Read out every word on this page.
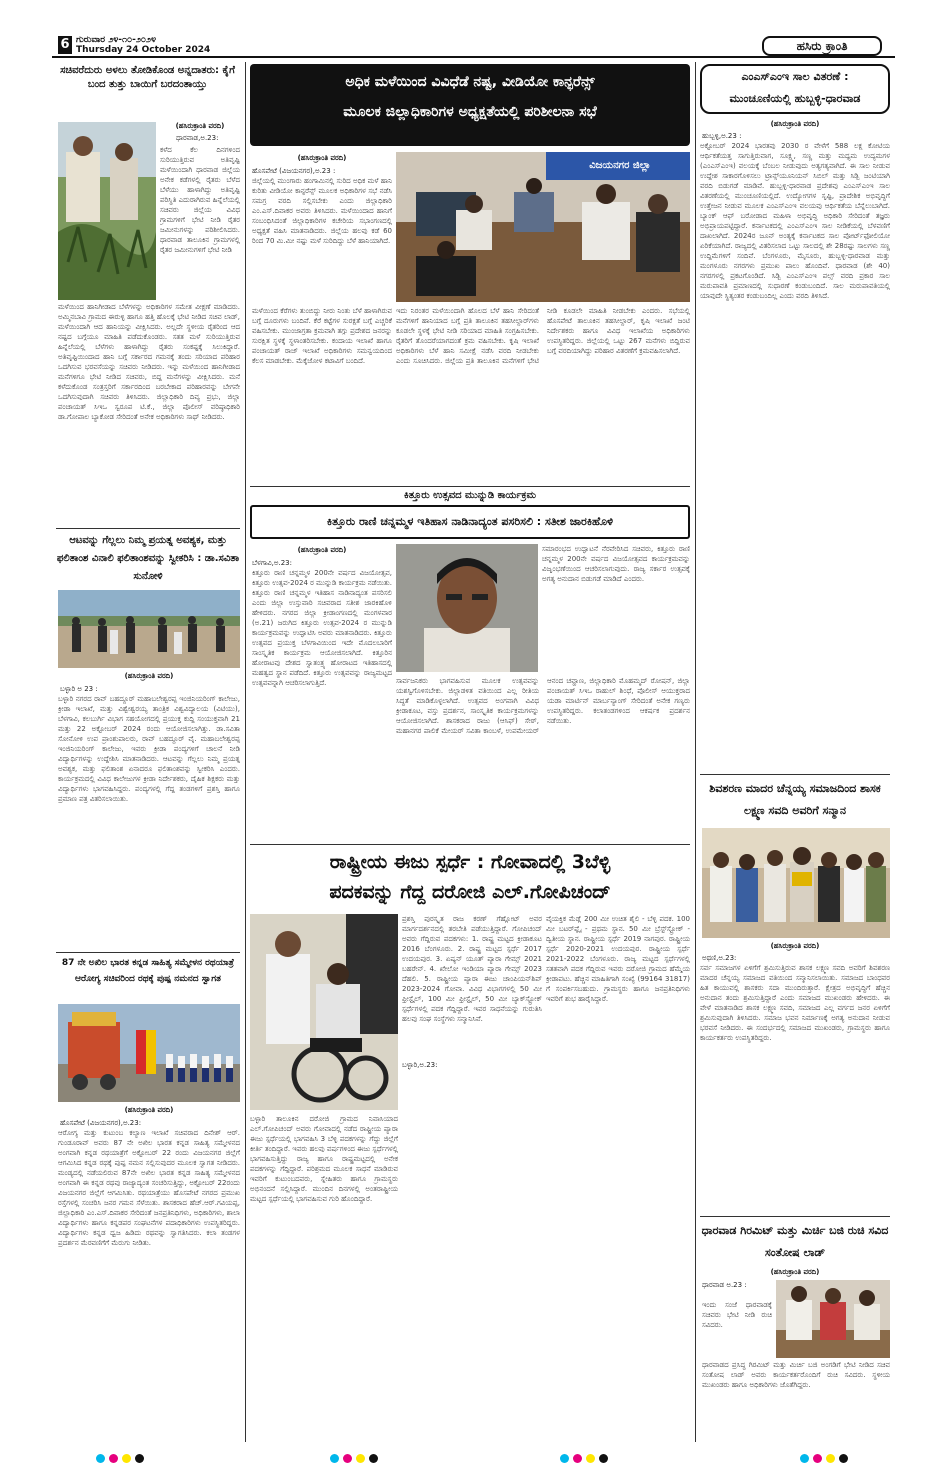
6 ಗುರುವಾರ ೨೪-೧೦-೨೦೨೪
Thursday 24 October 2024	ಹಸಿರು ಕ್ರಾಂತಿ
ಸಚಿವರೆದುರು ಅಳಲು ತೋಡಿಕೊಂಡ ಅನ್ನದಾತರು: ಕೈಗೆ ಬಂದ ತುತ್ತು ಬಾಯಿಗೆ ಬರದಂತಾಯ್ತು
(ಹಸಿರುಕ್ರಾಂತಿ ವರದಿ)
ಧಾರವಾಡ,ಅ.23:
ಕಳೆದ ಕೆಲ ದಿನಗಳಿಂದ ಸುರಿಯುತ್ತಿರುವ ಅತಿವೃಷ್ಟಿ ಮಳೆಯಿಂದಾಗಿ ಧಾರವಾಡ ಜಿಲ್ಲೆಯ ಅನೇಕ ಕಡೆಗಳಲ್ಲಿ ರೈತರು ಬೆಳೆದ ಬೆಳೆಯು ಹಾಳಾಗಿದ್ದು ಅತಿವೃಷ್ಟಿ ಪರಿಸ್ಥಿತಿ ಎದುರಾಗಿರುವ ಹಿನ್ನೆಲೆಯಲ್ಲಿ ಸಚಿವರು ಜಿಲ್ಲೆಯ ವಿವಿಧ ಗ್ರಾಮಗಳಿಗೆ ಭೇಟಿ ನೀಡಿ ರೈತರ ಜಮೀನುಗಳನ್ನು ಪರಿಶೀಲಿಸಿದರು. ಧಾರವಾಡ ತಾಲೂಕಿನ ಗ್ರಾಮಗಳಲ್ಲಿ ರೈತರ ಜಮೀನುಗಳಿಗೆ ಭೇಟಿ ನೀಡಿ
ಮಳೆಯಿಂದ ಹಾನಿಗೀಡಾದ ಬೆಳೆಗಳನ್ನು ಅಧಿಕಾರಿಗಳ ಸಮೇತ ವೀಕ್ಷಣೆ ಮಾಡಿದರು. ಅಮ್ಮಿನಬಾವಿ ಗ್ರಾಮದ ಈರುಳ್ಳಿ ಹಾಗೂ ಹತ್ತಿ ಹೊಲಕ್ಕೆ ಭೇಟಿ ನೀಡಿದ ಸಚಿವ ಲಾಡ್, ಮಳೆಯಿಂದಾಗಿ ಆದ ಹಾನಿಯನ್ನು ವೀಕ್ಷಿಸಿದರು. ಅಲ್ಲದೇ ಸ್ಥಳೀಯ ರೈತರಿಂದ ಆದ ನಷ್ಟದ ಬಗ್ಗೆಯೂ ಮಾಹಿತಿ ಪಡೆದುಕೊಂಡರು. ಸತತ ಮಳೆ ಸುರಿಯುತ್ತಿರುವ ಹಿನ್ನೆಲೆಯಲ್ಲಿ ಬೆಳೆಗಳು ಹಾಳಾಗಿದ್ದು ರೈತರು ಸಂಕಷ್ಟಕ್ಕೆ ಸಿಲುಕಿದ್ದಾರೆ. ಅತಿವೃಷ್ಟಿಯಿಂದಾದ ಹಾನಿ ಬಗ್ಗೆ ಸರ್ಕಾರದ ಗಮನಕ್ಕೆ ತಂದು ಸರಿಯಾದ ಪರಿಹಾರ ಒದಗಿಸುವ ಭರವಸೆಯನ್ನು ಸಚಿವರು ನೀಡಿದರು. ಇನ್ನು ಮಳೆಯಿಂದ ಹಾನಿಗೀಡಾದ ಮನೆಗಳಿಗೂ ಭೇಟಿ ನೀಡಿದ ಸಚಿವರು, ಬಿದ್ದ ಮನೆಗಳನ್ನು ವೀಕ್ಷಿಸಿದರು. ಮನೆ ಕಳೆದುಕೊಂಡ ಸಂತ್ರಸ್ತರಿಗೆ ಸರ್ಕಾರದಿಂದ ಬರಬೇಕಾದ ಪರಿಹಾರವನ್ನು ಬೇಗನೇ ಒದಗಿಸುವುದಾಗಿ ಸಚಿವರು ತಿಳಿಸಿದರು. ಜಿಲ್ಲಾಧಿಕಾರಿ ದಿವ್ಯ ಪ್ರಭು, ಜಿಲ್ಲಾ ಪಂಚಾಯತ್ ಸಿಇಒ ಸ್ವರೂಪ ಟಿ.ಕೆ., ಜಿಲ್ಲಾ ಪೊಲೀಸ್ ವರಿಷ್ಠಾಧಿಕಾರಿ ಡಾ.ಗೋಪಾಲ ಬ್ಯಾಕೋಡ ಸೇರಿದಂತೆ ಅನೇಕ ಅಧಿಕಾರಿಗಳು ಸಾಥ್ ನೀಡಿದರು.
ಆಟವನ್ನು ಗೆಲ್ಲಲು ನಿಮ್ಮ ಪ್ರಯತ್ನ ಅವಶ್ಯಕ, ಮತ್ತು ಫಲಿತಾಂಶ ವಿನಾಲಿ ಫಲಿತಾಂಶವನ್ನು ಸ್ವೀಕರಿಸಿ : ಡಾ.ಸವಿತಾ ಸುನೋಳಿ
(ಹಸಿರುಕ್ರಾಂತಿ ವರದಿ)
ಬಳ್ಳಾರಿ ಅ 23 :
ಬಳ್ಳಾರಿ ನಗರದ ರಾವ್ ಬಹದ್ದೂರ್ ಮಹಾಬಲೇಶ್ವರಪ್ಪ ಇಂಜಿನಿಯರಿಂಗ್ ಕಾಲೇಜು, ಕ್ರೀಡಾ ಇಲಾಖೆ, ಮತ್ತು ವಿಶ್ವೇಶ್ವರಯ್ಯ ತಾಂತ್ರಿಕ ವಿಶ್ವವಿದ್ಯಾಲಯ (ವಿಟಿಯು), ಬೆಳಗಾವಿ, ಕಲಬುರ್ಗಿ ವಿಭಾಗ ಸಹಯೋಗದಲ್ಲಿ ಪ್ರಯುಕ್ತ ಕುದ್ದಿ ಸಂಯುಕ್ತವಾಗಿ 21 ಮತ್ತು 22 ಅಕ್ಟೋಬರ್ 2024 ರಂದು ಆಯೋಜಿಸಲಾಗಿತ್ತು. ಡಾ.ಸವಿತಾ ಸೋನೋಳಿ ಉಪ ಪ್ರಾಂಶುಪಾಲರು, ರಾವ್ ಬಹದ್ದೂರ್ ವೈ. ಮಹಾಬಲೇಶ್ವರಪ್ಪ ಇಂಜಿನಿಯರಿಂಗ್ ಕಾಲೇಜು, ಇವರು ಕ್ರೀಡಾ ಪಂದ್ಯಗಳಿಗೆ ಚಾಲನೆ ನೀಡಿ ವಿದ್ಯಾರ್ಥಿಗಳನ್ನು ಉದ್ದೇಶಿಸಿ ಮಾತನಾಡಿದರು. ಆಟವನ್ನು ಗೆಲ್ಲಲು ನಿಮ್ಮ ಪ್ರಯತ್ನ ಅವಶ್ಯಕ, ಮತ್ತು ಫಲಿತಾಂಶ ಏನಾದರೂ ಫಲಿತಾಂಶವನ್ನು ಸ್ವೀಕರಿಸಿ ಎಂದರು. ಕಾರ್ಯಕ್ರಮದಲ್ಲಿ ವಿವಿಧ ಕಾಲೇಜುಗಳ ಕ್ರೀಡಾ ನಿರ್ದೇಶಕರು, ದೈಹಿಕ ಶಿಕ್ಷಕರು ಮತ್ತು ವಿದ್ಯಾರ್ಥಿಗಳು ಭಾಗವಹಿಸಿದ್ದರು. ಪಂದ್ಯಗಳಲ್ಲಿ ಗೆದ್ದ ತಂಡಗಳಿಗೆ ಪ್ರಶಸ್ತಿ ಹಾಗೂ ಪ್ರಮಾಣ ಪತ್ರ ವಿತರಿಸಲಾಯಿತು.
87 ನೇ ಅಖಿಲ ಭಾರತ ಕನ್ನಡ ಸಾಹಿತ್ಯ ಸಮ್ಮೇಳನ ರಥಯಾತ್ರೆ ಆರೋಗ್ಯ ಸಚಿವರಿಂದ ರಥಕ್ಕೆ ಪುಷ್ಪ ನಮನದ ಸ್ವಾಗತ
(ಹಸಿರುಕ್ರಾಂತಿ ವರದಿ)
ಹೊಸಪೇಟೆ (ವಿಜಯನಗರ),ಅ.23:
ಆರೋಗ್ಯ ಮತ್ತು ಕುಟುಂಬ ಕಲ್ಯಾಣ ಇಲಾಖೆ ಸಚಿವರಾದ ದಿನೇಶ್ ಆರ್. ಗುಂಡೂರಾವ್ ಅವರು 87 ನೇ ಅಖಿಲ ಭಾರತ ಕನ್ನಡ ಸಾಹಿತ್ಯ ಸಮ್ಮೇಳನದ ಅಂಗವಾಗಿ ಕನ್ನಡ ರಥಯಾತ್ರೆಗೆ ಅಕ್ಟೋಬರ್ 22 ರಂದು ವಿಜಯನಗರ ಜಿಲ್ಲೆಗೆ ಆಗಮಿಸಿದ ಕನ್ನಡ ರಥಕ್ಕೆ ಪುಷ್ಪ ನಮನ ಸಲ್ಲಿಸುವುದರ ಮೂಲಕ ಸ್ವಾಗತ ನೀಡಿದರು. ಮಂಡ್ಯದಲ್ಲಿ ನಡೆಯಲಿರುವ 87ನೇ ಅಖಿಲ ಭಾರತ ಕನ್ನಡ ಸಾಹಿತ್ಯ ಸಮ್ಮೇಳನದ ಅಂಗವಾಗಿ ಈ ಕನ್ನಡ ರಥವು ರಾಜ್ಯಾದ್ಯಂತ ಸಂಚರಿಸುತ್ತಿದ್ದು, ಅಕ್ಟೋಬರ್ 22ರಂದು ವಿಜಯನಗರ ಜಿಲ್ಲೆಗೆ ಆಗಮಿಸಿತು. ರಥಯಾತ್ರೆಯು ಹೊಸಪೇಟೆ ನಗರದ ಪ್ರಮುಖ ರಸ್ತೆಗಳಲ್ಲಿ ಸಂಚರಿಸಿ ಜನರ ಗಮನ ಸೆಳೆಯಿತು. ಶಾಸಕರಾದ ಹೆಚ್.ಆರ್.ಗವಿಯಪ್ಪ, ಜಿಲ್ಲಾಧಿಕಾರಿ ಎಂ.ಎಸ್.ದಿವಾಕರ ಸೇರಿದಂತೆ ಜನಪ್ರತಿನಿಧಿಗಳು, ಅಧಿಕಾರಿಗಳು, ಶಾಲಾ ವಿದ್ಯಾರ್ಥಿಗಳು ಹಾಗೂ ಕನ್ನಡಪರ ಸಂಘಟನೆಗಳ ಪದಾಧಿಕಾರಿಗಳು ಉಪಸ್ಥಿತರಿದ್ದರು. ವಿದ್ಯಾರ್ಥಿಗಳು ಕನ್ನಡ ಧ್ವಜ ಹಿಡಿದು ರಥವನ್ನು ಸ್ವಾಗತಿಸಿದರು. ಕಲಾ ತಂಡಗಳ ಪ್ರದರ್ಶನ ಮೆರವಣಿಗೆಗೆ ಮೆರುಗು ನೀಡಿತು.
ಅಧಿಕ ಮಳೆಯಿಂದ ವಿವಿಧೆಡೆ ನಷ್ಟ, ವೀಡಿಯೋ ಕಾನ್ಫರೆನ್ಸ್
ಮೂಲಕ ಜಿಲ್ಲಾಧಿಕಾರಿಗಳ ಅಧ್ಯಕ್ಷತೆಯಲ್ಲಿ ಪರಿಶೀಲನಾ ಸಭೆ
(ಹಸಿರುಕ್ರಾಂತಿ ವರದಿ)
ಹೊಸಪೇಟೆ (ವಿಜಯನಗರ),ಅ.23 :
ಜಿಲ್ಲೆಯಲ್ಲಿ ಮುಂಗಾರು ಹಂಗಾಮಿನಲ್ಲಿ ಸುರಿದ ಅಧಿಕ ಮಳೆ ಹಾನಿ ಕುರಿತು ವೀಡಿಯೋ ಕಾನ್ಫರೆನ್ಸ್ ಮೂಲಕ ಅಧಿಕಾರಿಗಳ ಸಭೆ ನಡೆಸಿ ಸಮಗ್ರ ವರದಿ ಸಲ್ಲಿಸಬೇಕು ಎಂದು ಜಿಲ್ಲಾಧಿಕಾರಿ ಎಂ.ಎಸ್.ದಿವಾಕರ ಅವರು ತಿಳಿಸಿದರು. ಮಳೆಯಿಂದಾದ ಹಾನಿಗೆ ಸಂಬಂಧಿಸಿದಂತೆ ಜಿಲ್ಲಾಧಿಕಾರಿಗಳ ಕಚೇರಿಯ ಸಭಾಂಗಣದಲ್ಲಿ ಅಧ್ಯಕ್ಷತೆ ವಹಿಸಿ ಮಾತನಾಡಿದರು. ಜಿಲ್ಲೆಯ ಹಲವು ಕಡೆ 60 ರಿಂದ 70 ಮಿ.ಮೀ ನಷ್ಟು ಮಳೆ ಸುರಿದಿದ್ದು ಬೆಳೆ ಹಾನಿಯಾಗಿದೆ.
ವಿಜಯನಗರ ಜಿಲ್ಲಾ
ಇದು ನಿರಂತರ ಮಳೆಯಿಂದಾಗಿ ಹೊಲದ ಬೆಳೆ ಹಾನಿ ಸೇರಿದಂತೆ ಮನೆಗಳಿಗೆ ಹಾನಿಯಾದ ಬಗ್ಗೆ ಪ್ರತಿ ತಾಲೂಕಿನ ತಹಸೀಲ್ದಾರ್‌ಗಳು ಕೂಡಲೇ ಸ್ಥಳಕ್ಕೆ ಭೇಟಿ ನೀಡಿ ಸರಿಯಾದ ಮಾಹಿತಿ ಸಂಗ್ರಹಿಸಬೇಕು. ರೈತರಿಗೆ ತೊಂದರೆಯಾಗದಂತೆ ಕ್ರಮ ವಹಿಸಬೇಕು. ಕೃಷಿ ಇಲಾಖೆ ಅಧಿಕಾರಿಗಳು ಬೆಳೆ ಹಾನಿ ಸಮೀಕ್ಷೆ ನಡೆಸಿ ವರದಿ ನೀಡಬೇಕು ಎಂದು ಸೂಚಿಸಿದರು. ಜಿಲ್ಲೆಯ ಪ್ರತಿ ತಾಲೂಕಿನ ಮನೆಗಳಿಗೆ ಭೇಟಿ ನೀಡಿ ಕೂಡಲೇ ಮಾಹಿತಿ ನೀಡಬೇಕು ಎಂದರು. ಸಭೆಯಲ್ಲಿ ಹೊಸಪೇಟೆ ತಾಲೂಕಿನ ತಹಸೀಲ್ದಾರ್, ಕೃಷಿ ಇಲಾಖೆ ಜಂಟಿ ನಿರ್ದೇಶಕರು ಹಾಗೂ ವಿವಿಧ ಇಲಾಖೆಯ ಅಧಿಕಾರಿಗಳು ಉಪಸ್ಥಿತರಿದ್ದರು. ಜಿಲ್ಲೆಯಲ್ಲಿ ಒಟ್ಟು 267 ಮನೆಗಳು ಬಿದ್ದಿರುವ ಬಗ್ಗೆ ವರದಿಯಾಗಿದ್ದು ಪರಿಹಾರ ವಿತರಣೆಗೆ ಕ್ರಮವಹಿಸಲಾಗಿದೆ.
ಮಳೆಯಿಂದ ಕೆರೆಗಳು ತುಂಬಿದ್ದು ನೀರು ನಿಂತು ಬೆಳೆ ಹಾಳಾಗಿರುವ ಬಗ್ಗೆ ದೂರುಗಳು ಬಂದಿವೆ. ಕೆರೆ ಕಟ್ಟೆಗಳ ಸುರಕ್ಷತೆ ಬಗ್ಗೆ ಎಚ್ಚರಿಕೆ ವಹಿಸಬೇಕು. ಮುಂಜಾಗ್ರತಾ ಕ್ರಮವಾಗಿ ತಗ್ಗು ಪ್ರದೇಶದ ಜನರನ್ನು ಸುರಕ್ಷಿತ ಸ್ಥಳಕ್ಕೆ ಸ್ಥಳಾಂತರಿಸಬೇಕು. ಕಂದಾಯ ಇಲಾಖೆ ಹಾಗೂ ಪಂಚಾಯತ್ ರಾಜ್ ಇಲಾಖೆ ಅಧಿಕಾರಿಗಳು ಸಮನ್ವಯದಿಂದ ಕೆಲಸ ಮಾಡಬೇಕು. ಮೆಕ್ಕೆಜೋಳ ಕಟಾವಿಗೆ ಬಂದಿದೆ.
ಕಿತ್ತೂರು ಉತ್ಸವದ ಮುನ್ನುಡಿ ಕಾರ್ಯಕ್ರಮ
ಕಿತ್ತೂರು ರಾಣಿ ಚನ್ನಮ್ಮಳ ಇತಿಹಾಸ ನಾಡಿನಾದ್ಯಂತ ಪಸರಿಸಲಿ : ಸತೀಶ ಜಾರಕಿಹೊಳಿ
(ಹಸಿರುಕ್ರಾಂತಿ ವರದಿ)
ಬೆಳಗಾವಿ,ಅ.23:
ಕಿತ್ತೂರು ರಾಣಿ ಚನ್ನಮ್ಮಳ 200ನೇ ವರ್ಷದ ವಿಜಯೋತ್ಸವ, ಕಿತ್ತೂರು ಉತ್ಸವ-2024 ರ ಮುನ್ನುಡಿ ಕಾರ್ಯಕ್ರಮ ನಡೆಯಿತು. ಕಿತ್ತೂರು ರಾಣಿ ಚನ್ನಮ್ಮಳ ಇತಿಹಾಸ ನಾಡಿನಾದ್ಯಂತ ಪಸರಿಸಲಿ ಎಂದು ಜಿಲ್ಲಾ ಉಸ್ತುವಾರಿ ಸಚಿವರಾದ ಸತೀಶ ಜಾರಕಿಹೊಳಿ ಹೇಳಿದರು. ನಗರದ ಜಿಲ್ಲಾ ಕ್ರೀಡಾಂಗಣದಲ್ಲಿ ಮಂಗಳವಾರ (ಅ.21) ಜರುಗಿದ ಕಿತ್ತೂರು ಉತ್ಸವ-2024 ರ ಮುನ್ನುಡಿ ಕಾರ್ಯಕ್ರಮವನ್ನು ಉದ್ಘಾಟಿಸಿ ಅವರು ಮಾತನಾಡಿದರು. ಕಿತ್ತೂರು ಉತ್ಸವದ ಪ್ರಯುಕ್ತ ಬೆಳಗಾವಿಯಿಂದ ಇದೇ ಮೊದಲಬಾರಿಗೆ ಸಾಂಸ್ಕೃತಿಕ ಕಾರ್ಯಕ್ರಮ ಆಯೋಜಿಸಲಾಗಿದೆ. ಕಿತ್ತೂರಿನ ಹೋರಾಟವು ದೇಶದ ಸ್ವಾತಂತ್ರ್ಯ ಹೋರಾಟದ ಇತಿಹಾಸದಲ್ಲಿ ಮಹತ್ವದ ಸ್ಥಾನ ಪಡೆದಿದೆ. ಕಿತ್ತೂರು ಉತ್ಸವವನ್ನು ರಾಜ್ಯಮಟ್ಟದ ಉತ್ಸವವನ್ನಾಗಿ ಆಚರಿಸಲಾಗುತ್ತಿದೆ.
ಸಮಾರಂಭದ ಉದ್ಘಾಟನೆ ನೆರವೇರಿಸಿದ ಸಚಿವರು, ಕಿತ್ತೂರು ರಾಣಿ ಚನ್ನಮ್ಮಳ 200ನೇ ವರ್ಷದ ವಿಜಯೋತ್ಸವದ ಕಾರ್ಯಕ್ರಮವನ್ನು ವಿಜೃಂಭಣೆಯಿಂದ ಆಚರಿಸಲಾಗುವುದು. ರಾಜ್ಯ ಸರ್ಕಾರ ಉತ್ಸವಕ್ಕೆ ಅಗತ್ಯ ಅನುದಾನ ಬಿಡುಗಡೆ ಮಾಡಿದೆ ಎಂದರು.
ಸಾರ್ವಜನಿಕರು ಭಾಗವಹಿಸುವ ಮೂಲಕ ಉತ್ಸವವನ್ನು ಯಶಸ್ವಿಗೊಳಿಸಬೇಕು. ಜಿಲ್ಲಾಡಳಿತ ವತಿಯಿಂದ ಎಲ್ಲ ರೀತಿಯ ಸಿದ್ಧತೆ ಮಾಡಿಕೊಳ್ಳಲಾಗಿದೆ. ಉತ್ಸವದ ಅಂಗವಾಗಿ ವಿವಿಧ ಕ್ರೀಡಾಕೂಟ, ವಸ್ತು ಪ್ರದರ್ಶನ, ಸಾಂಸ್ಕೃತಿಕ ಕಾರ್ಯಕ್ರಮಗಳನ್ನು ಆಯೋಜಿಸಲಾಗಿದೆ. ಶಾಸಕರಾದ ರಾಜು (ಆಸಿಫ್) ಸೇಠ್, ಮಹಾನಗರ ಪಾಲಿಕೆ ಮೇಯರ್ ಸವಿತಾ ಕಾಂಬಳೆ, ಉಪಮೇಯರ್ ಆನಂದ ಚವ್ಹಾಣ, ಜಿಲ್ಲಾಧಿಕಾರಿ ಮೊಹಮ್ಮದ್ ರೋಷನ್, ಜಿಲ್ಲಾ ಪಂಚಾಯತ್ ಸಿಇಒ ರಾಹುಲ್ ಶಿಂಧೆ, ಪೊಲೀಸ್ ಆಯುಕ್ತರಾದ ಯಡಾ ಮಾರ್ಟಿನ್ ಮಾರ್ಬನ್ಯಾಂಗ್ ಸೇರಿದಂತೆ ಅನೇಕ ಗಣ್ಯರು ಉಪಸ್ಥಿತರಿದ್ದರು. ಕಲಾತಂಡಗಳಿಂದ ಆಕರ್ಷಕ ಪ್ರದರ್ಶನ ನಡೆಯಿತು.
ರಾಷ್ಟ್ರೀಯ ಈಜು ಸ್ಪರ್ಧೆ : ಗೋವಾದಲ್ಲಿ 3ಬೆಳ್ಳಿ
ಪದಕವನ್ನು ಗೆದ್ದ ದರೋಜಿ ಎಲ್.ಗೋಪಿಚಂದ್
ಬಳ್ಳಾರಿ,ಅ.23:
ಬಳ್ಳಾರಿ ತಾಲೂಕಿನ ದರೋಜಿ ಗ್ರಾಮದ ನಿವಾಸಿಯಾದ ಎಲ್.ಗೋಪಿಚಂದ್ ಅವರು ಗೋವಾದಲ್ಲಿ ನಡೆದ ರಾಷ್ಟ್ರೀಯ ಪ್ಯಾರಾ ಈಜು ಸ್ಪರ್ಧೆಯಲ್ಲಿ ಭಾಗವಹಿಸಿ 3 ಬೆಳ್ಳಿ ಪದಕಗಳನ್ನು ಗೆದ್ದು ಜಿಲ್ಲೆಗೆ ಕೀರ್ತಿ ತಂದಿದ್ದಾರೆ. ಇವರು ಹಲವು ವರ್ಷಗಳಿಂದ ಈಜು ಸ್ಪರ್ಧೆಗಳಲ್ಲಿ ಭಾಗವಹಿಸುತ್ತಿದ್ದು ರಾಜ್ಯ ಹಾಗೂ ರಾಷ್ಟ್ರಮಟ್ಟದಲ್ಲಿ ಅನೇಕ ಪದಕಗಳನ್ನು ಗೆದ್ದಿದ್ದಾರೆ. ಪರಿಶ್ರಮದ ಮೂಲಕ ಸಾಧನೆ ಮಾಡಿರುವ ಇವರಿಗೆ ಕುಟುಂಬದವರು, ಸ್ನೇಹಿತರು ಹಾಗೂ ಗ್ರಾಮಸ್ಥರು ಅಭಿನಂದನೆ ಸಲ್ಲಿಸಿದ್ದಾರೆ. ಮುಂದಿನ ದಿನಗಳಲ್ಲಿ ಅಂತರಾಷ್ಟ್ರೀಯ ಮಟ್ಟದ ಸ್ಪರ್ಧೆಯಲ್ಲಿ ಭಾಗವಹಿಸುವ ಗುರಿ ಹೊಂದಿದ್ದಾರೆ.
ಪ್ರಶಸ್ತಿ ಪುರಸ್ಕೃತ ರಾಜ ಕರಣ್ ಗೆಹ್ಲೋಟ್ ಅವರ ಮಾರ್ಗದರ್ಶನದಲ್ಲಿ ತರಬೇತಿ ಪಡೆಯುತ್ತಿದ್ದಾರೆ. ಗೋಪಿಚಂದ್ ಅವರು ಗೆದ್ದಿರುವ ಪದಕಗಳು: 1. ರಾಷ್ಟ್ರ ಮಟ್ಟದ ಕ್ರೀಡಾಕೂಟ 2016 ಬೆಂಗಳೂರು. 2. ರಾಷ್ಟ್ರ ಮಟ್ಟದ ಸ್ಪರ್ಧೆ 2017 ಉದಯಪುರ. 3. ಏಷ್ಯನ್ ಯೂತ್ ಪ್ಯಾರಾ ಗೇಮ್ಸ್ 2021 ಬಹರೇನ್. 4. ಖೇಲೋ ಇಂಡಿಯಾ ಪ್ಯಾರಾ ಗೇಮ್ಸ್ 2023 ದೆಹಲಿ. 5. ರಾಷ್ಟ್ರೀಯ ಪ್ಯಾರಾ ಈಜು ಚಾಂಪಿಯನ್‌ಶಿಪ್ 2023-2024 ಗೋವಾ. ವಿವಿಧ ವಿಭಾಗಗಳಲ್ಲಿ 50 ಮೀ ಫ್ರೀಸ್ಟೈಲ್, 100 ಮೀ ಫ್ರೀಸ್ಟೈಲ್, 50 ಮೀ ಬ್ಯಾಕ್‌ಸ್ಟ್ರೋಕ್ ಸ್ಪರ್ಧೆಗಳಲ್ಲಿ ಪದಕ ಗೆದ್ದಿದ್ದಾರೆ. ಇವರ ಸಾಧನೆಯನ್ನು ಗುರುತಿಸಿ ಹಲವು ಸಂಘ ಸಂಸ್ಥೆಗಳು ಸನ್ಮಾನಿಸಿವೆ.
ವೈಯಕ್ತಿಕ ಮೆಡ್ಲೆ 200 ಮೀ ಉಚಿತ ಶೈಲಿ - ಬೆಳ್ಳಿ ಪದಕ. 100 ಮೀ ಬಟರ್‌ಫ್ಲೈ - ಪ್ರಥಮ ಸ್ಥಾನ. 50 ಮೀ ಬ್ರೆಸ್ಟ್‌ಸ್ಟ್ರೋಕ್ - ದ್ವಿತೀಯ ಸ್ಥಾನ. ರಾಷ್ಟ್ರೀಯ ಸ್ಪರ್ಧೆ 2019 ನಾಗಪುರ. ರಾಷ್ಟ್ರೀಯ ಸ್ಪರ್ಧೆ 2020-2021 ಉದಯಪುರ. ರಾಷ್ಟ್ರೀಯ ಸ್ಪರ್ಧೆ 2021-2022 ಬೆಂಗಳೂರು. ರಾಜ್ಯ ಮಟ್ಟದ ಸ್ಪರ್ಧೆಗಳಲ್ಲಿ ಸತತವಾಗಿ ಪದಕ ಗೆದ್ದಿರುವ ಇವರು ದರೋಜಿ ಗ್ರಾಮದ ಹೆಮ್ಮೆಯ ಕ್ರೀಡಾಪಟು. ಹೆಚ್ಚಿನ ಮಾಹಿತಿಗಾಗಿ ಸಂಖ್ಯೆ (99164 31817) ಗೆ ಸಂಪರ್ಕಿಸಬಹುದು. ಗ್ರಾಮಸ್ಥರು ಹಾಗೂ ಜನಪ್ರತಿನಿಧಿಗಳು ಇವರಿಗೆ ಶುಭ ಹಾರೈಸಿದ್ದಾರೆ.
ಎಂಎಸ್‌ಎಂಇ ಸಾಲ ವಿತರಣೆ :
ಮುಂಚೂಣಿಯಲ್ಲಿ ಹುಬ್ಬಳ್ಳಿ-ಧಾರವಾಡ
(ಹಸಿರುಕ್ರಾಂತಿ ವರದಿ)
ಹುಬ್ಬಳ್ಳಿ,ಅ.23 :
ಅಕ್ಟೋಬರ್ 2024 ಭಾರತವು 2030 ರ ವೇಳೆಗೆ 588 ಲಕ್ಷ ಕೋಟಿಯ ಆರ್ಥಿಕತೆಯತ್ತ ಸಾಗುತ್ತಿರುವಾಗ, ಸೂಕ್ಷ್ಮ, ಸಣ್ಣ ಮತ್ತು ಮಧ್ಯಮ ಉದ್ಯಮಗಳ (ಎಂಎಸ್‌ಎಂಇ) ವಲಯಕ್ಕೆ ಬೆಂಬಲ ನೀಡುವುದು ಅತ್ಯಗತ್ಯವಾಗಿದೆ. ಈ ಸಾಲ ನೀಡುವ ಉದ್ದೇಶ ಸಾಕಾರಗೊಳಿಸಲು ಟ್ರಾನ್ಸ್‌ಯೂನಿಯನ್ ಸಿಬಿಲ್ ಮತ್ತು ಸಿಡ್ಬಿ ಜಂಟಿಯಾಗಿ ವರದಿ ಬಿಡುಗಡೆ ಮಾಡಿವೆ. ಹುಬ್ಬಳ್ಳಿ-ಧಾರವಾಡ ಪ್ರದೇಶವು ಎಂಎಸ್‌ಎಂಇ ಸಾಲ ವಿತರಣೆಯಲ್ಲಿ ಮುಂಚೂಣಿಯಲ್ಲಿದೆ. ಉದ್ಯೋಗಗಳ ಸೃಷ್ಟಿ, ಪ್ರಾದೇಶಿಕ ಅಭಿವೃದ್ಧಿಗೆ ಉತ್ತೇಜನ ನೀಡುವ ಮೂಲಕ ಎಂಎಸ್‌ಎಂಇ ವಲಯವು ಆರ್ಥಿಕತೆಯ ಬೆನ್ನೆಲುಬಾಗಿದೆ. ಬ್ಯಾಂಕ್ ಆಫ್ ಬರೋಡಾದ ಮಹಿಳಾ ಅಭಿವೃದ್ಧಿ ಅಧಿಕಾರಿ ಸೇರಿದಂತೆ ತಜ್ಞರು ಅಭಿಪ್ರಾಯಪಟ್ಟಿದ್ದಾರೆ. ಕರ್ನಾಟಕದಲ್ಲಿ ಎಂಎಸ್‌ಎಂಇ ಸಾಲ ನೀಡಿಕೆಯಲ್ಲಿ ಬೆಳವಣಿಗೆ ದಾಖಲಾಗಿದೆ. 2024ರ ಜೂನ್ ಅಂತ್ಯಕ್ಕೆ ಕರ್ನಾಟಕದ ಸಾಲ ಪೋರ್ಟ್‌ಫೋಲಿಯೋ ಏರಿಕೆಯಾಗಿದೆ. ರಾಜ್ಯದಲ್ಲಿ ವಿತರಿಸಲಾದ ಒಟ್ಟು ಸಾಲದಲ್ಲಿ ಶೇ 28ರಷ್ಟು ಸಾಲಗಳು ಸಣ್ಣ ಉದ್ದಿಮೆಗಳಿಗೆ ಸಂದಿವೆ. ಬೆಂಗಳೂರು, ಮೈಸೂರು, ಹುಬ್ಬಳ್ಳಿ-ಧಾರವಾಡ ಮತ್ತು ಮಂಗಳೂರು ನಗರಗಳು ಪ್ರಮುಖ ಪಾಲು ಹೊಂದಿವೆ. ಧಾರವಾಡ (ಶೇ 40) ನಗರಗಳಲ್ಲಿ ಪ್ರಕಟಗೊಂಡಿದೆ. ಸಿಡ್ಬಿ ಎಂಎಸ್‌ಎಂಇ ಪಲ್ಸ್ ವರದಿ ಪ್ರಕಾರ ಸಾಲ ಮರುಪಾವತಿ ಪ್ರಮಾಣದಲ್ಲಿ ಸುಧಾರಣೆ ಕಂಡುಬಂದಿದೆ. ಸಾಲ ಮರುಪಾವತಿಯಲ್ಲಿ ಯಾವುದೇ ಸ್ಥಿತ್ಯಂತರ ಕಂಡುಬಂದಿಲ್ಲ ಎಂದು ವರದಿ ತಿಳಿಸಿದೆ.
ಶಿವಶರಣ ಮಾದರ ಚೆನ್ನಯ್ಯ ಸಮಾಜದಿಂದ ಶಾಸಕ ಲಕ್ಷ್ಮಣ ಸವದಿ ಅವರಿಗೆ ಸನ್ಮಾನ
(ಹಸಿರುಕ್ರಾಂತಿ ವರದಿ)
ಅಥಣಿ,ಅ.23:
ಸರ್ವ ಸಮಾಜಗಳ ಏಳಿಗೆಗೆ ಶ್ರಮಿಸುತ್ತಿರುವ ಶಾಸಕ ಲಕ್ಷ್ಮಣ ಸವದಿ ಅವರಿಗೆ ಶಿವಶರಣ ಮಾದರ ಚೆನ್ನಯ್ಯ ಸಮಾಜದ ವತಿಯಿಂದ ಸನ್ಮಾನಿಸಲಾಯಿತು. ಸಮಾಜದ ಬಾಂಧವರ ಹಿತ ಕಾಯುವಲ್ಲಿ ಶಾಸಕರು ಸದಾ ಮುಂದಿರುತ್ತಾರೆ. ಕ್ಷೇತ್ರದ ಅಭಿವೃದ್ಧಿಗೆ ಹೆಚ್ಚಿನ ಅನುದಾನ ತಂದು ಶ್ರಮಿಸುತ್ತಿದ್ದಾರೆ ಎಂದು ಸಮಾಜದ ಮುಖಂಡರು ಹೇಳಿದರು. ಈ ವೇಳೆ ಮಾತನಾಡಿದ ಶಾಸಕ ಲಕ್ಷ್ಮಣ ಸವದಿ, ಸಮಾಜದ ಎಲ್ಲ ವರ್ಗದ ಜನರ ಏಳಿಗೆಗೆ ಶ್ರಮಿಸುವುದಾಗಿ ತಿಳಿಸಿದರು. ಸಮಾಜ ಭವನ ನಿರ್ಮಾಣಕ್ಕೆ ಅಗತ್ಯ ಅನುದಾನ ನೀಡುವ ಭರವಸೆ ನೀಡಿದರು. ಈ ಸಂದರ್ಭದಲ್ಲಿ ಸಮಾಜದ ಮುಖಂಡರು, ಗ್ರಾಮಸ್ಥರು ಹಾಗೂ ಕಾರ್ಯಕರ್ತರು ಉಪಸ್ಥಿತರಿದ್ದರು.
ಧಾರವಾಡ ಗಿರಮಿಟ್ ಮತ್ತು ಮಿರ್ಚಿ ಬಜಿ ರುಚಿ ಸವಿದ ಸಂತೋಷ ಲಾಡ್
(ಹಸಿರುಕ್ರಾಂತಿ ವರದಿ)
ಧಾರವಾಡ ಅ.23 :
ಇಂದು ಸಂಜೆ ಧಾರವಾಡಕ್ಕೆ ಸಚಿವರು ಭೇಟಿ ನೀಡಿ ರುಚಿ ಸವಿದರು.
ಧಾರವಾಡದ ಪ್ರಸಿದ್ಧ ಗಿರಮಿಟ್ ಮತ್ತು ಮಿರ್ಚಿ ಬಜಿ ಅಂಗಡಿಗೆ ಭೇಟಿ ನೀಡಿದ ಸಚಿವ ಸಂತೋಷ ಲಾಡ್ ಅವರು ಕಾರ್ಯಕರ್ತರೊಂದಿಗೆ ರುಚಿ ಸವಿದರು. ಸ್ಥಳೀಯ ಮುಖಂಡರು ಹಾಗೂ ಅಧಿಕಾರಿಗಳು ಜೊತೆಗಿದ್ದರು.
